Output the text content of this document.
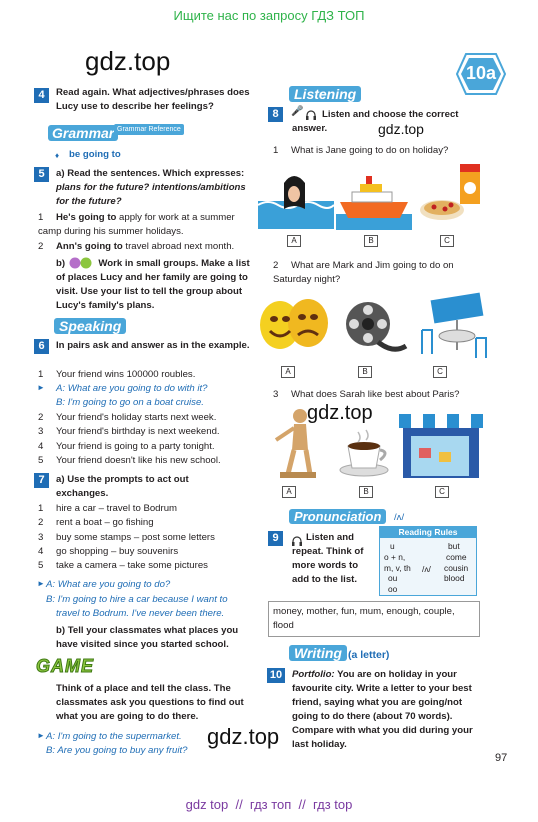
Ищите нас по запросу ГДЗ ТОП
gdz.top
gdz.top
gdz.top
gdz.top
10a
4	Read again. What adjectives/phrases does Lucy use to describe her feelings?
Grammar Grammar Reference
♦ be going to
5	a) Read the sentences. Which expresses: plans for the future? intentions/ambitions for the future?
1 He's going to apply for work at a summer camp during his summer holidays.
2 Ann's going to travel abroad next month.
b)	Work in small groups. Make a list of places Lucy and her family are going to visit. Use your list to tell the group about Lucy's family's plans.
Speaking
6	In pairs ask and answer as in the example.
1 Your friend wins 100000 roubles.
► A: What are you going to do with it?
B: I'm going to go on a boat cruise.
2 Your friend's holiday starts next week.
3 Your friend's birthday is next weekend.
4 Your friend is going to a party tonight.
5 Your friend doesn't like his new school.
7	a) Use the prompts to act out exchanges.
1 hire a car – travel to Bodrum
2 rent a boat – go fishing
3 buy some stamps – post some letters
4 go shopping – buy souvenirs
5 take a camera – take some pictures
► A: What are you going to do?
B: I'm going to hire a car because I want to
travel to Bodrum. I've never been there.
b) Tell your classmates what places you have visited since you started school.
GAME
Think of a place and tell the class. The classmates ask you questions to find out what you are going to do there.
► A: I'm going to the supermarket.
B: Are you going to buy any fruit?
Listening
8	🎤	Listen and choose the correct answer.
1 What is Jane going to do on holiday?
A	B	C
2 What are Mark and Jim going to do on Saturday night?
A	B	C
3 What does Sarah like best about Paris?
A	B	C
Pronunciation	/ʌ/
9	Listen and repeat. Think of more words to add to the list.
Reading Rules
u
o + n,
m, v, th
ou
oo
/ʌ/
but
come
cousin
blood
money, mother, fun, mum, enough, couple, flood
Writing (a letter)
10 Portfolio: You are on holiday in your favourite city. Write a letter to your best friend, saying what you are going/not going to do there (about 70 words). Compare with what you did during your last holiday.
97
gdz top  //  гдз топ  //  гдз top
